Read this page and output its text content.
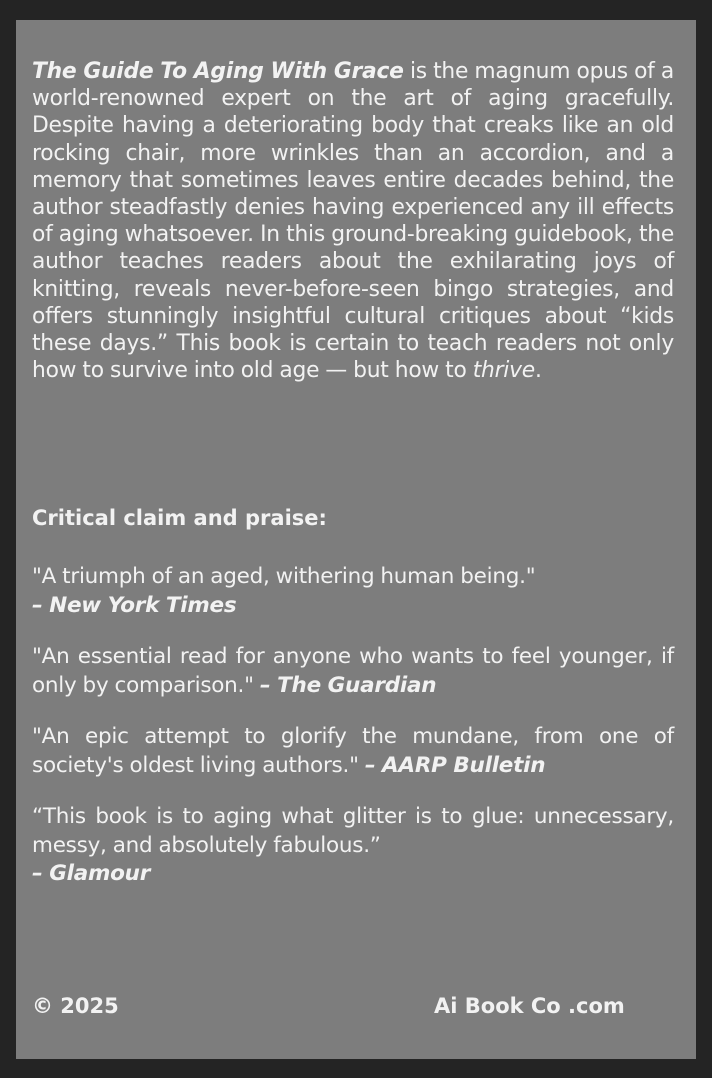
The Guide To Aging With Grace is the magnum opus of a world-renowned expert on the art of aging gracefully. Despite having a deteriorating body that creaks like an old rocking chair, more wrinkles than an accordion, and a memory that sometimes leaves entire decades behind, the author steadfastly denies having experienced any ill effects of aging whatsoever. In this ground-breaking guidebook, the author teaches readers about the exhilarating joys of knitting, reveals never-before-seen bingo strategies, and offers stunningly insightful cultural critiques about “kids these days.” This book is certain to teach readers not only how to survive into old age — but how to thrive.

Critical claim and praise:

"A triumph of an aged, withering human being."
– New York Times

"An essential read for anyone who wants to feel younger, if only by comparison." – The Guardian

"An epic attempt to glorify the mundane, from one of society's oldest living authors." – AARP Bulletin

“This book is to aging what glitter is to glue: unnecessary, messy, and absolutely fabulous.”
– Glamour

© 2025	Ai Book Co .com
